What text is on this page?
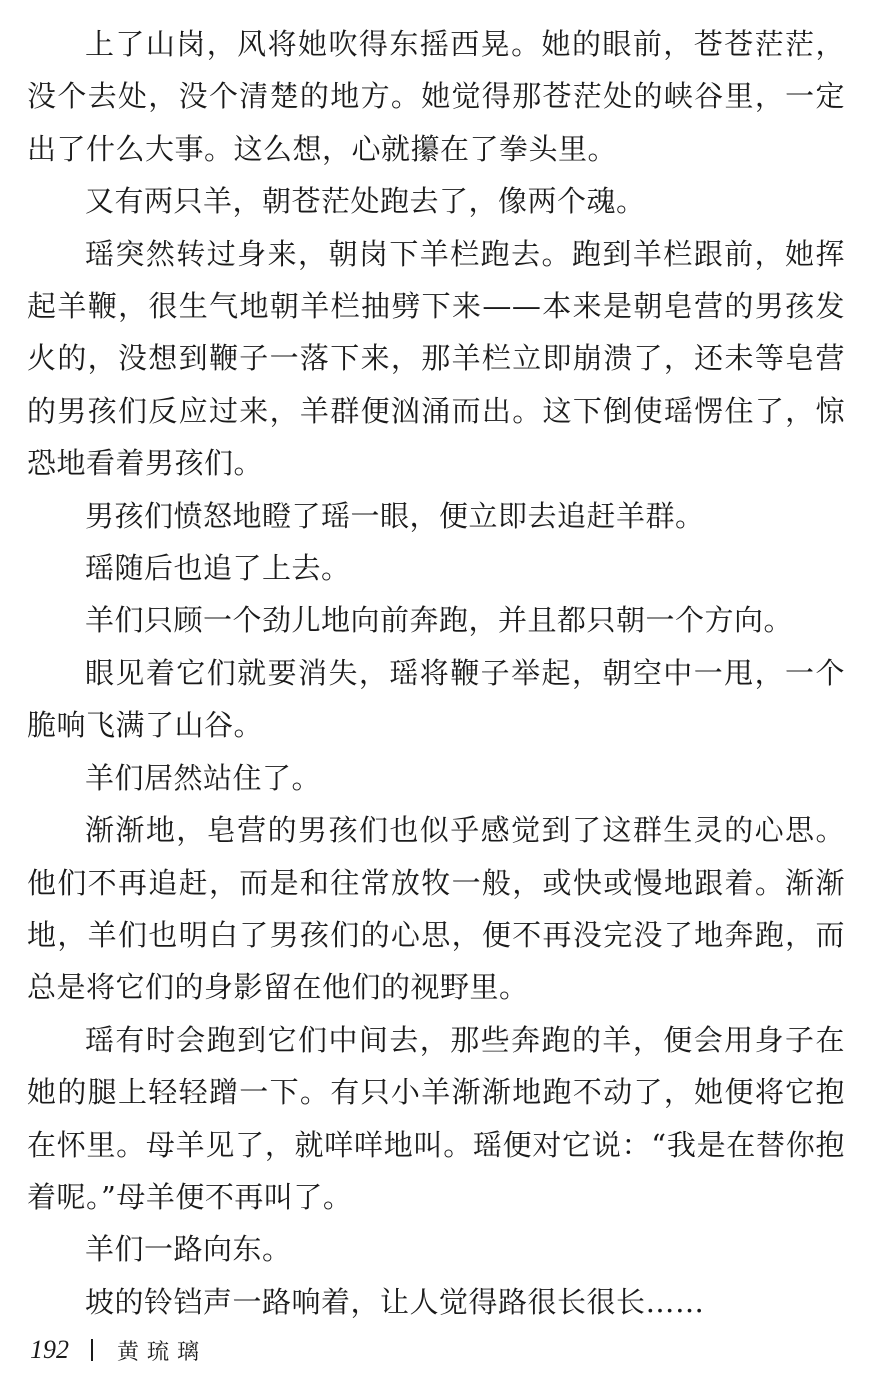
上了山岗，风将她吹得东摇西晃。她的眼前，苍苍茫茫，没个去处，没个清楚的地方。她觉得那苍茫处的峡谷里，一定出了什么大事。这么想，心就攥在了拳头里。

又有两只羊，朝苍茫处跑去了，像两个魂。

瑶突然转过身来，朝岗下羊栏跑去。跑到羊栏跟前，她挥起羊鞭，很生气地朝羊栏抽劈下来——本来是朝皂营的男孩发火的，没想到鞭子一落下来，那羊栏立即崩溃了，还未等皂营的男孩们反应过来，羊群便汹涌而出。这下倒使瑶愣住了，惊恐地看着男孩们。

男孩们愤怒地瞪了瑶一眼，便立即去追赶羊群。

瑶随后也追了上去。

羊们只顾一个劲儿地向前奔跑，并且都只朝一个方向。

眼见着它们就要消失，瑶将鞭子举起，朝空中一甩，一个脆响飞满了山谷。

羊们居然站住了。

渐渐地，皂营的男孩们也似乎感觉到了这群生灵的心思。他们不再追赶，而是和往常放牧一般，或快或慢地跟着。渐渐地，羊们也明白了男孩们的心思，便不再没完没了地奔跑，而总是将它们的身影留在他们的视野里。

瑶有时会跑到它们中间去，那些奔跑的羊，便会用身子在她的腿上轻轻蹭一下。有只小羊渐渐地跑不动了，她便将它抱在怀里。母羊见了，就咩咩地叫。瑶便对它说：“我是在替你抱着呢。”母羊便不再叫了。

羊们一路向东。

坡的铃铛声一路响着，让人觉得路很长很长……

192 黄琉璃
